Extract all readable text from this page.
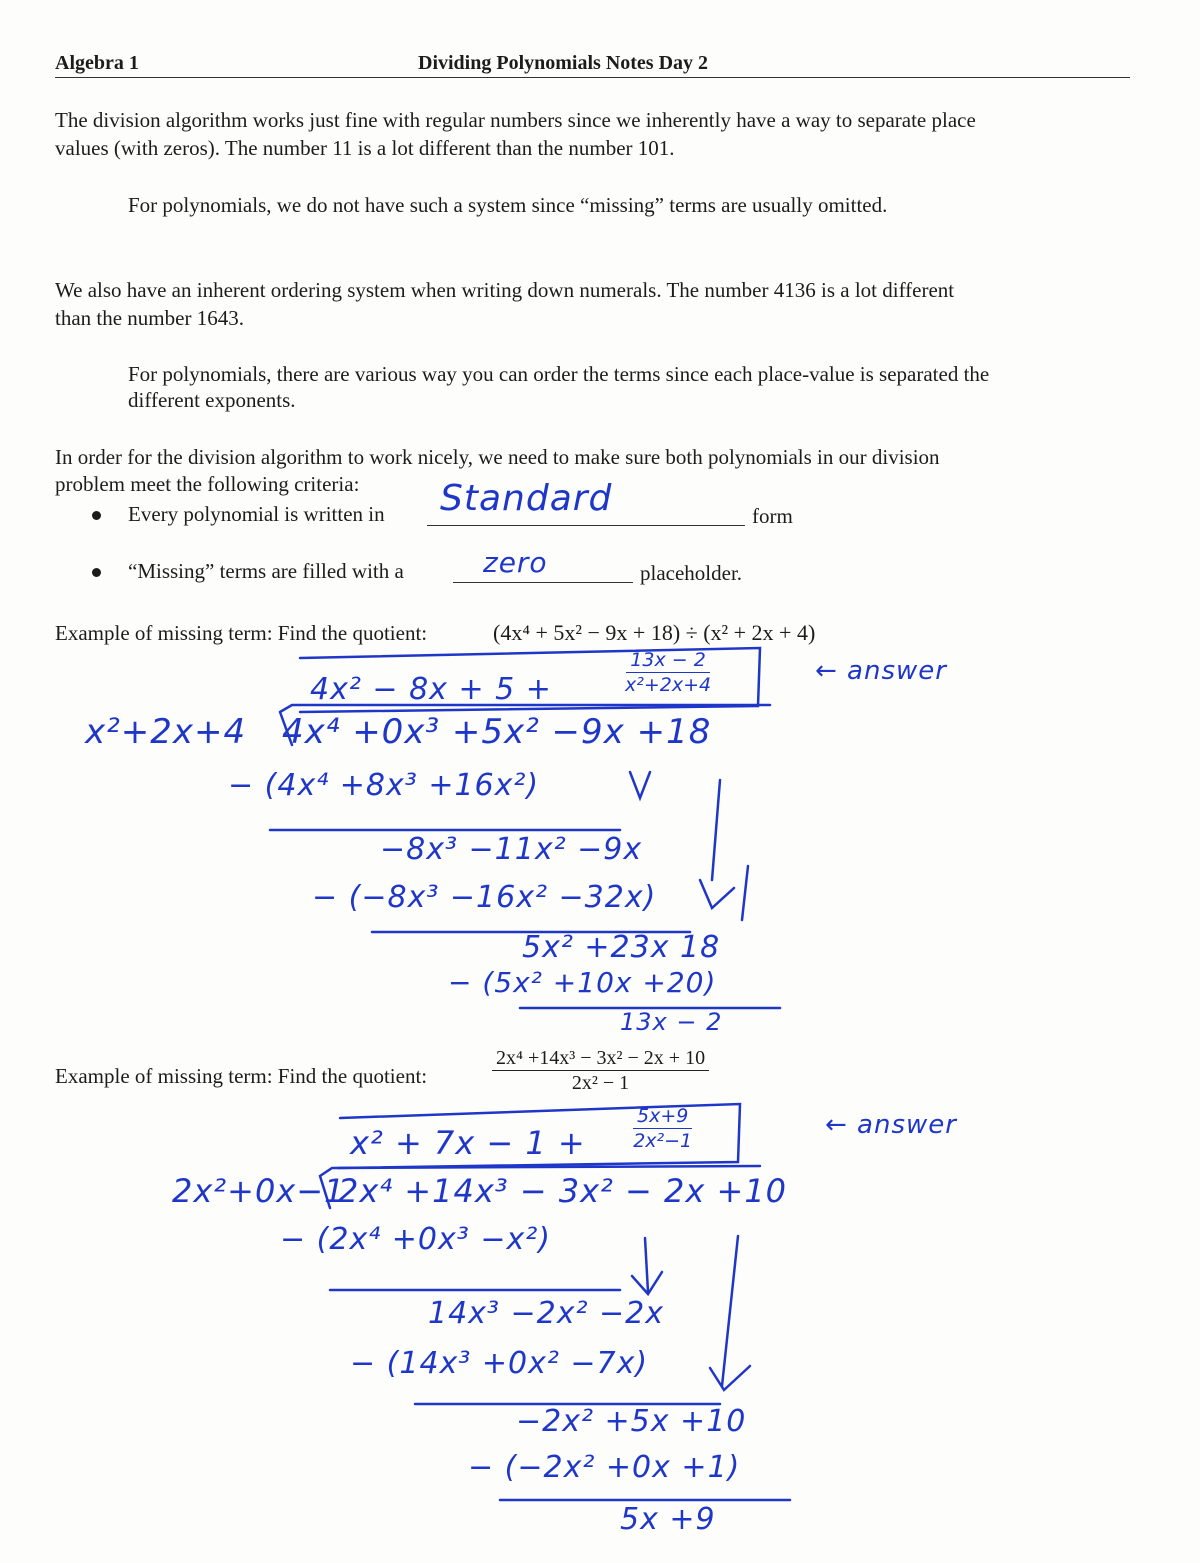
Algebra 1	Dividing Polynomials Notes Day 2
The division algorithm works just fine with regular numbers since we inherently have a way to separate place
values (with zeros). The number 11 is a lot different than the number 101.
For polynomials, we do not have such a system since “missing” terms are usually omitted.
We also have an inherent ordering system when writing down numerals. The number 4136 is a lot different
than the number 1643.
For polynomials, there are various way you can order the terms since each place-value is separated the
different exponents.
In order for the division algorithm to work nicely, we need to make sure both polynomials in our division
problem meet the following criteria:
Every polynomial is written in Standard	form
“Missing” terms are filled with a	zero	placeholder.
Example of missing term: Find the quotient:	(4x⁴ + 5x² − 9x + 18) ÷ (x² + 2x + 4)
4x² − 8x + 5 +	$\frac{13x - 2}{\text{x²+2x+4}}$	← answer
x²+2x+4 4x⁴ +0x³ +5x² −9x +18
− (4x⁴ +8x³ +16x²)
−8x³ −11x² −9x
− (−8x³ −16x² −32x)
5x² +23x 18
− (5x² +10x +20)
13x − 2
Example of missing term: Find the quotient:	$\frac{\text{2x⁴ +14x³ − 3x² − 2x + 10}}{\text{2x² − 1}}$
$x^2 + 7x - 1 + \frac{5x+9}{\text{2x²−1}}$	← answer
2x²+0x−1
2x⁴ +14x³ − 3x² − 2x +10
− (2x⁴ +0x³ −x²)
14x³ −2x² −2x
− (14x³ +0x² −7x)
−2x² +5x +10
− (−2x² +0x +1)
5x +9
